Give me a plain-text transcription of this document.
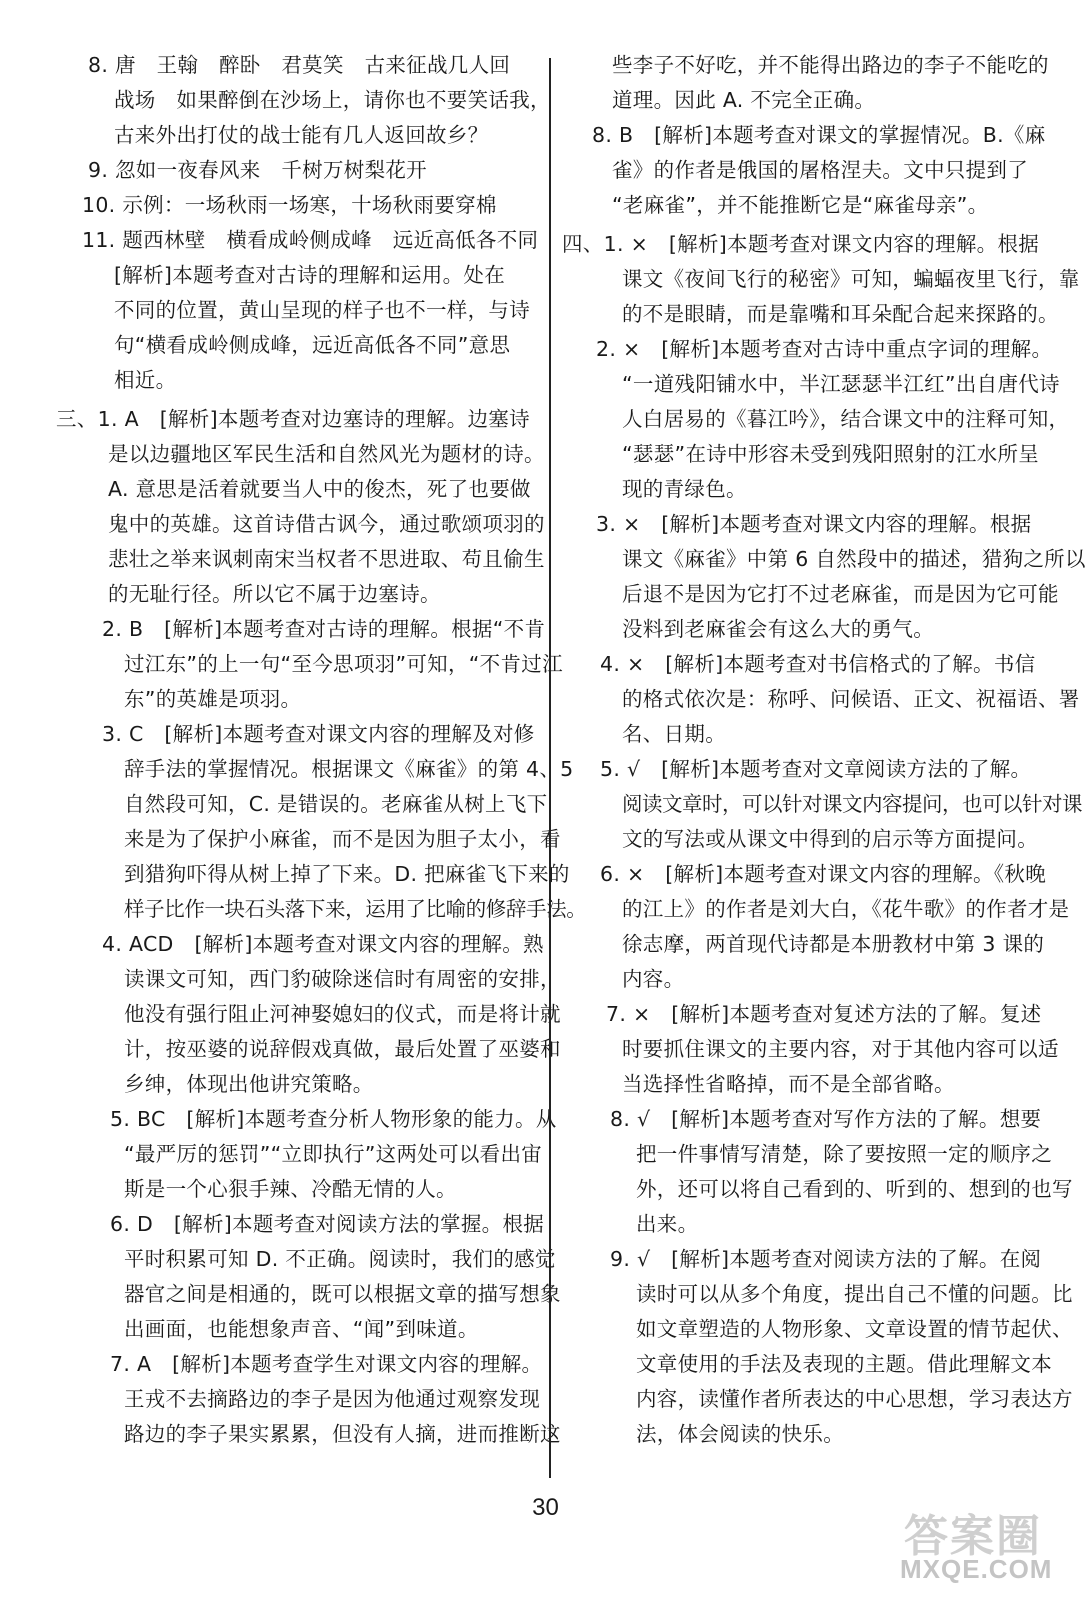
8. 唐　王翰　醉卧　君莫笑　古来征战几人回
战场　如果醉倒在沙场上，请你也不要笑话我，
古来外出打仗的战士能有几人返回故乡？
9. 忽如一夜春风来　千树万树梨花开
10. 示例：一场秋雨一场寒，十场秋雨要穿棉
11. 题西林壁　横看成岭侧成峰　远近高低各不同
[解析]本题考查对古诗的理解和运用。处在
不同的位置，黄山呈现的样子也不一样，与诗
句“横看成岭侧成峰，远近高低各不同”意思
相近。
三、1. A　[解析]本题考查对边塞诗的理解。边塞诗
是以边疆地区军民生活和自然风光为题材的诗。
A. 意思是活着就要当人中的俊杰，死了也要做
鬼中的英雄。这首诗借古讽今，通过歌颂项羽的
悲壮之举来讽刺南宋当权者不思进取、苟且偷生
的无耻行径。所以它不属于边塞诗。
2. B　[解析]本题考查对古诗的理解。根据“不肯
过江东”的上一句“至今思项羽”可知，“不肯过江
东”的英雄是项羽。
3. C　[解析]本题考查对课文内容的理解及对修
辞手法的掌握情况。根据课文《麻雀》的第 4、5
自然段可知，C. 是错误的。老麻雀从树上飞下
来是为了保护小麻雀，而不是因为胆子太小，看
到猎狗吓得从树上掉了下来。D. 把麻雀飞下来的
样子比作一块石头落下来，运用了比喻的修辞手法。
4. ACD　[解析]本题考查对课文内容的理解。熟
读课文可知，西门豹破除迷信时有周密的安排，
他没有强行阻止河神娶媳妇的仪式，而是将计就
计，按巫婆的说辞假戏真做，最后处置了巫婆和
乡绅，体现出他讲究策略。
5. BC　[解析]本题考查分析人物形象的能力。从
“最严厉的惩罚”“立即执行”这两处可以看出宙
斯是一个心狠手辣、冷酷无情的人。
6. D　[解析]本题考查对阅读方法的掌握。根据
平时积累可知 D. 不正确。阅读时，我们的感觉
器官之间是相通的，既可以根据文章的描写想象
出画面，也能想象声音、“闻”到味道。
7. A　[解析]本题考查学生对课文内容的理解。
王戎不去摘路边的李子是因为他通过观察发现
路边的李子果实累累，但没有人摘，进而推断这
些李子不好吃，并不能得出路边的李子不能吃的
道理。因此 A. 不完全正确。
8. B　[解析]本题考查对课文的掌握情况。B.《麻
雀》的作者是俄国的屠格涅夫。文中只提到了
“老麻雀”，并不能推断它是“麻雀母亲”。
四、1. ×　[解析]本题考查对课文内容的理解。根据
课文《夜间飞行的秘密》可知，蝙蝠夜里飞行，靠
的不是眼睛，而是靠嘴和耳朵配合起来探路的。
2. ×　[解析]本题考查对古诗中重点字词的理解。
“一道残阳铺水中，半江瑟瑟半江红”出自唐代诗
人白居易的《暮江吟》，结合课文中的注释可知，
“瑟瑟”在诗中形容未受到残阳照射的江水所呈
现的青绿色。
3. ×　[解析]本题考查对课文内容的理解。根据
课文《麻雀》中第 6 自然段中的描述，猎狗之所以
后退不是因为它打不过老麻雀，而是因为它可能
没料到老麻雀会有这么大的勇气。
4. ×　[解析]本题考查对书信格式的了解。书信
的格式依次是：称呼、问候语、正文、祝福语、署
名、日期。
5. √　[解析]本题考查对文章阅读方法的了解。
阅读文章时，可以针对课文内容提问，也可以针对课
文的写法或从课文中得到的启示等方面提问。
6. ×　[解析]本题考查对课文内容的理解。《秋晚
的江上》的作者是刘大白，《花牛歌》的作者才是
徐志摩，两首现代诗都是本册教材中第 3 课的
内容。
7. ×　[解析]本题考查对复述方法的了解。复述
时要抓住课文的主要内容，对于其他内容可以适
当选择性省略掉，而不是全部省略。
8. √　[解析]本题考查对写作方法的了解。想要
把一件事情写清楚，除了要按照一定的顺序之
外，还可以将自己看到的、听到的、想到的也写
出来。
9. √　[解析]本题考查对阅读方法的了解。在阅
读时可以从多个角度，提出自己不懂的问题。比
如文章塑造的人物形象、文章设置的情节起伏、
文章使用的手法及表现的主题。借此理解文本
内容，读懂作者所表达的中心思想，学习表达方
法，体会阅读的快乐。
30
答案圈
MXQE.COM
